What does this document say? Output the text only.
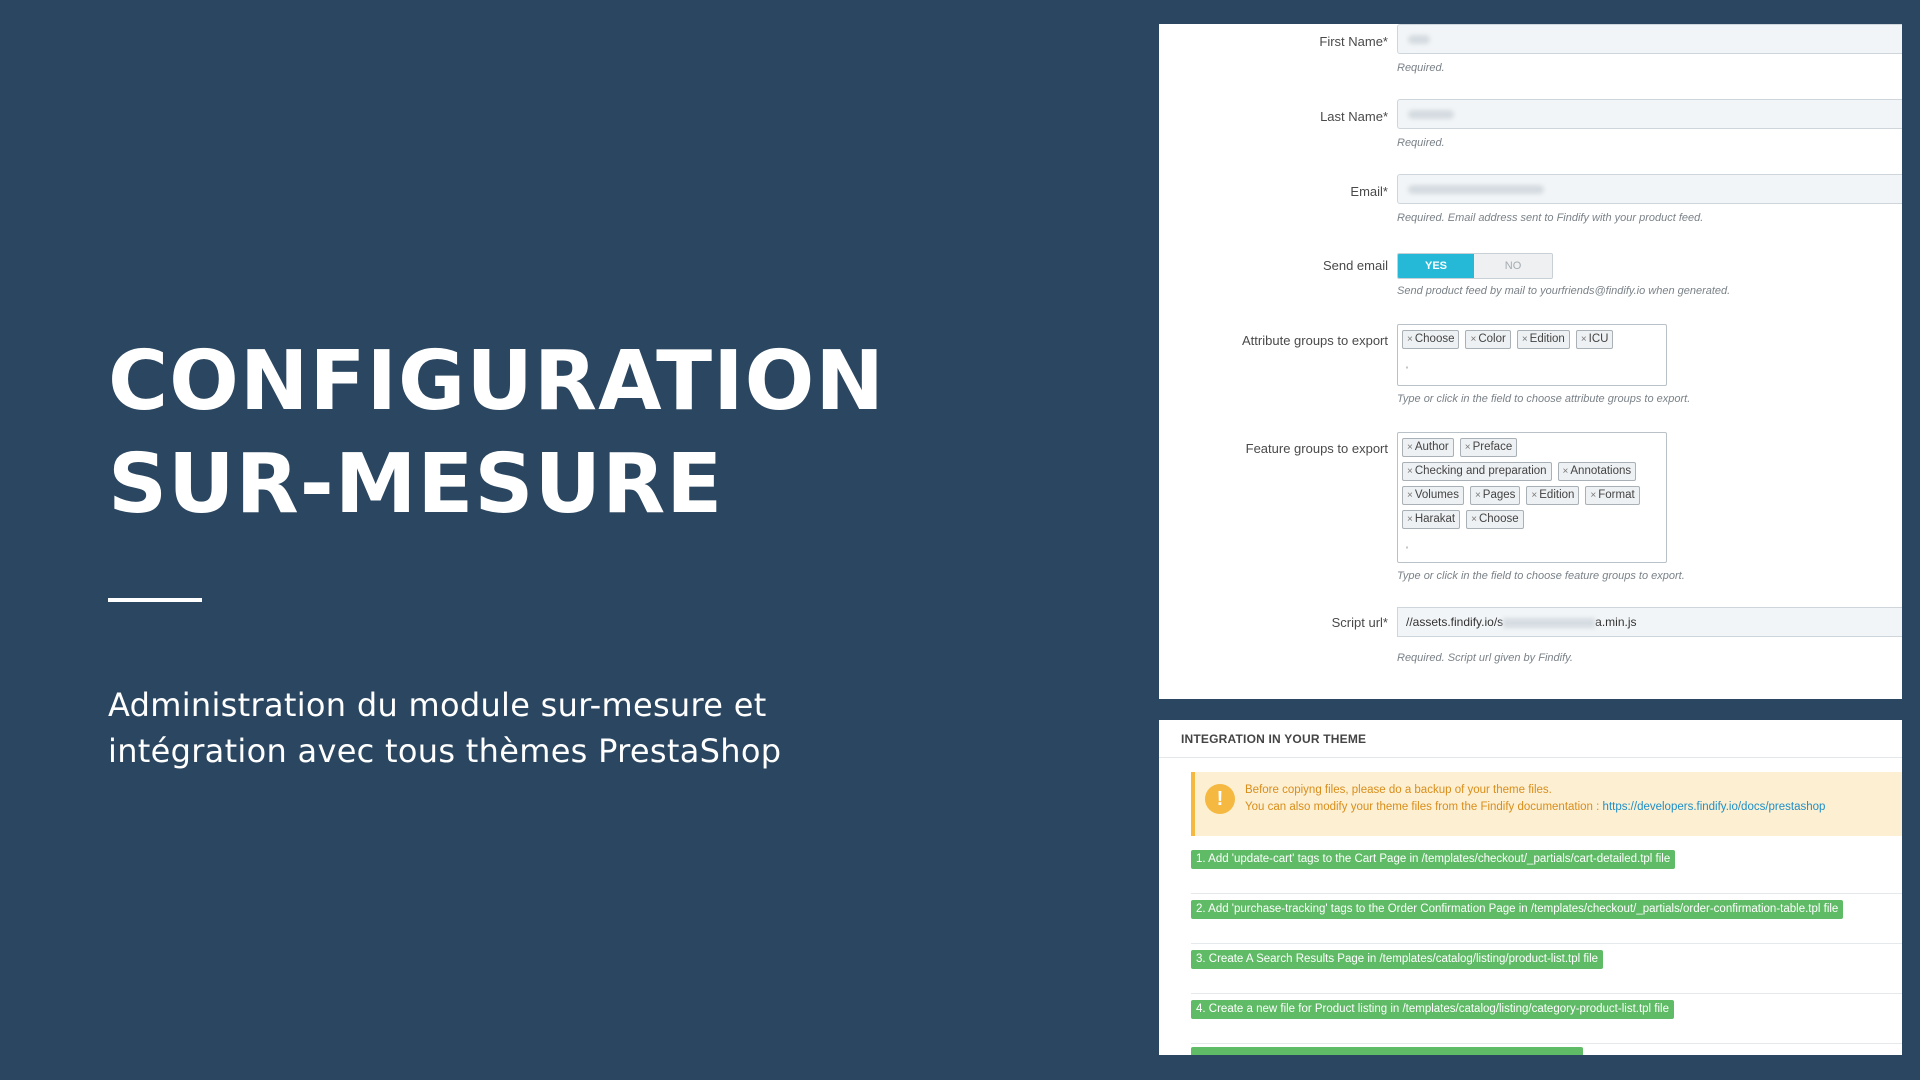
CONFIGURATION
SUR-MESURE

Administration du module sur-mesure et
intégration avec tous thèmes PrestaShop

First Name*
Required.
Last Name*
Required.
Email*
Required. Email address sent to Findify with your product feed.
Send email	YES	NO
Send product feed by mail to yourfriends@findify.io when generated.
Attribute groups to export	× Choose	× Color	× Edition	× ICU
ˌ
Type or click in the field to choose attribute groups to export.
Feature groups to export	× Author	× Preface
× Checking and preparation	× Annotations
× Volumes	× Pages	× Edition	× Format
× Harakat	× Choose
ˌ
Type or click in the field to choose feature groups to export.
Script url*	//assets.findify.io/s	a.min.js
Required. Script url given by Findify.
INTEGRATION IN YOUR THEME
!	Before copiyng files, please do a backup of your theme files.
You can also modify your theme files from the Findify documentation : https://developers.findify.io/docs/prestashop
1. Add 'update-cart' tags to the Cart Page in /templates/checkout/_partials/cart-detailed.tpl file
2. Add 'purchase-tracking' tags to the Order Confirmation Page in /templates/checkout/_partials/order-confirmation-table.tpl file
3. Create A Search Results Page in /templates/catalog/listing/product-list.tpl file
4. Create a new file for Product listing in /templates/catalog/listing/category-product-list.tpl file
